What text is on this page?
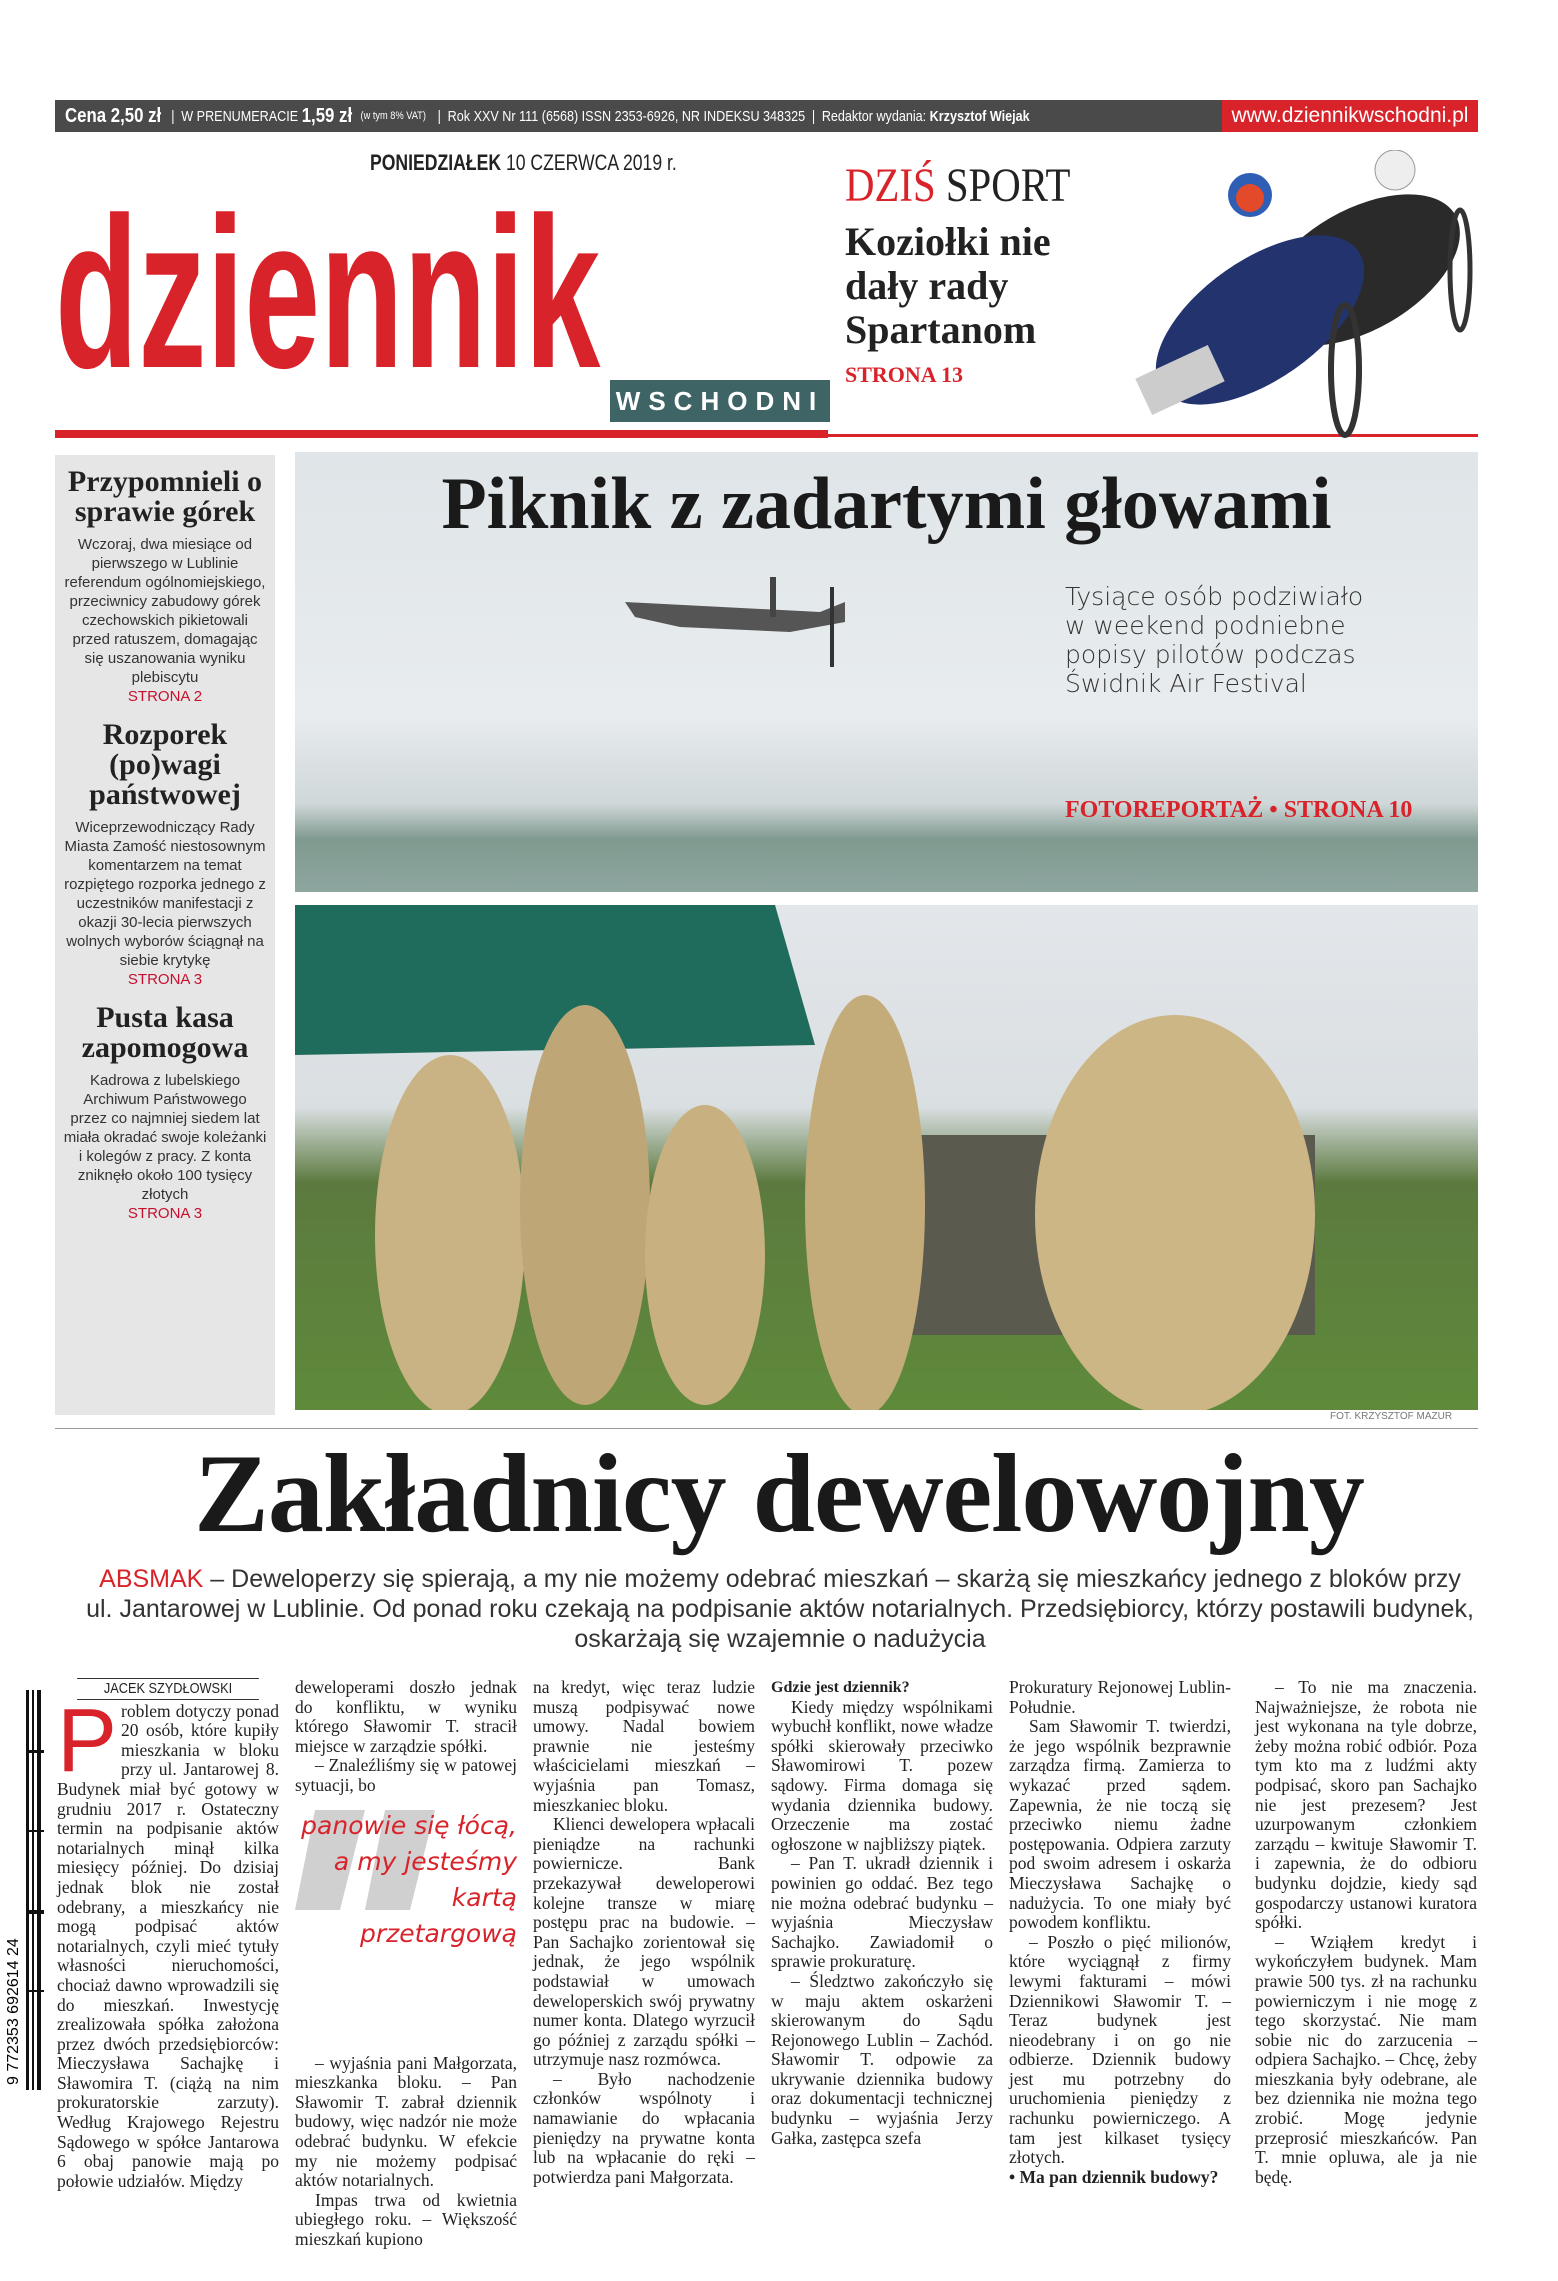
Cena 2,50 zł | W PRENUMERACIE
1,59 zł (w tym 8% VAT) | Rok XXV Nr 111 (6568) ISSN 2353-6926, NR INDEKSU 348325 | Redaktor wydania:
Krzysztof Wiejak	www.dziennikwschodni.pl
PONIEDZIAŁEK 10 CZERWCA 2019 r.
dziennik WSCHODNI
DZIŚ SPORT
Koziołki nie dały rady Spartanom
STRONA 13
Przypomnieli o sprawie górek

Wczoraj, dwa miesiące od pierwszego w Lublinie referendum ogólnomiejskiego, przeciwnicy zabudowy górek czechowskich pikietowali przed ratuszem, domagając się uszanowania wyniku plebiscytu

STRONA 2
Rozporek (po)wagi państwowej

Wiceprzewodniczący Rady Miasta Zamość niestosownym komentarzem na temat rozpiętego rozporka jednego z uczestników manifestacji z okazji 30-lecia pierwszych wolnych wyborów ściągnął na siebie krytykę

STRONA 3
Pusta kasa zapomogowa

Kadrowa z lubelskiego Archiwum Państwowego przez co najmniej siedem lat miała okradać swoje koleżanki i kolegów z pracy. Z konta zniknęło około 100 tysięcy złotych

STRONA 3
Piknik z zadartymi głowami
Tysiące osób podziwiało w weekend podniebne popisy pilotów podczas Świdnik Air Festival
FOTOREPORTAŻ • STRONA 10
FOT. KRZYSZTOF MAZUR
Zakładnicy dewelowojny
ABSMAK – Deweloperzy się spierają, a my nie możemy odebrać mieszkań – skarżą się mieszkańcy jednego z bloków przy ul. Jantarowej w Lublinie. Od ponad roku czekają na podpisanie aktów notarialnych. Przedsiębiorcy, którzy postawili budynek, oskarżają się wzajemnie o nadużycia
9 772353 692614 24
JACEK SZYDŁOWSKI
P roblem dotyczy ponad 20 osób, które kupiły mieszkania w bloku przy ul. Jantarowej 8. Budynek miał być gotowy w grudniu 2017 r. Ostateczny termin na podpisanie aktów notarialnych minął kilka miesięcy później. Do dzisiaj jednak blok nie został odebrany, a mieszkańcy nie mogą podpisać aktów notarialnych, czyli mieć tytuły własności nieruchomości, chociaż dawno wprowadzili się do mieszkań. Inwestycję zrealizowała spółka założona przez dwóch przedsiębiorców: Mieczysława Sachajkę i Sławomira T. (ciążą na nim prokuratorskie zarzuty). Według Krajowego Rejestru Sądowego w spółce Jantarowa 6 obaj panowie mają po połowie udziałów. Między

deweloperami doszło jednak do konfliktu, w wyniku którego Sławomir T. stracił miejsce w zarządzie spółki.

– Znaleźliśmy się w patowej sytuacji, bo

panowie się łócą, a my jesteśmy kartą przetargową

– wyjaśnia pani Małgorzata, mieszkanka bloku. – Pan Sławomir T. zabrał dziennik budowy, więc nadzór nie może odebrać budynku. W efekcie my nie możemy podpisać aktów notarialnych.

Impas trwa od kwietnia ubiegłego roku. – Większość mieszkań kupiono

na kredyt, więc teraz ludzie muszą podpisywać nowe umowy. Nadal bowiem prawnie nie jesteśmy właścicielami mieszkań – wyjaśnia pan Tomasz, mieszkaniec bloku.

Klienci dewelopera wpłacali pieniądze na rachunki powiernicze. Bank przekazywał deweloperowi kolejne transze w miarę postępu prac na budowie. – Pan Sachajko zorientował się jednak, że jego wspólnik podstawiał w umowach deweloperskich swój prywatny numer konta. Dlatego wyrzucił go później z zarządu spółki – utrzymuje nasz rozmówca.

– Było nachodzenie członków wspólnoty i namawianie do wpłacania pieniędzy na prywatne konta lub na wpłacanie do ręki – potwierdza pani Małgorzata.

Gdzie jest dziennik?

Kiedy między wspólnikami wybuchł konflikt, nowe władze spółki skierowały przeciwko Sławomirowi T. pozew sądowy. Firma domaga się wydania dziennika budowy. Orzeczenie ma zostać ogłoszone w najbliższy piątek.

– Pan T. ukradł dziennik i powinien go oddać. Bez tego nie można odebrać budynku – wyjaśnia Mieczysław Sachajko. Zawiadomił o sprawie prokuraturę.

– Śledztwo zakończyło się w maju aktem oskarżeni skierowanym do Sądu Rejonowego Lublin – Zachód. Sławomir T. odpowie za ukrywanie dziennika budowy oraz dokumentacji technicznej budynku – wyjaśnia Jerzy Gałka, zastępca szefa

Prokuratury Rejonowej Lublin-Południe.

Sam Sławomir T. twierdzi, że jego wspólnik bezprawnie zarządza firmą. Zamierza to wykazać przed sądem. Zapewnia, że nie toczą się przeciwko niemu żadne postępowania. Odpiera zarzuty pod swoim adresem i oskarża Mieczysława Sachajkę o nadużycia. To one miały być powodem konfliktu.

– Poszło o pięć milionów, które wyciągnął z firmy lewymi fakturami – mówi Dziennikowi Sławomir T. – Teraz budynek jest nieodebrany i on go nie odbierze. Dziennik budowy jest mu potrzebny do uruchomienia pieniędzy z rachunku powierniczego. A tam jest kilkaset tysięcy złotych.

• Ma pan dziennik budowy?

– To nie ma znaczenia. Najważniejsze, że robota nie jest wykonana na tyle dobrze, żeby można robić odbiór. Poza tym kto ma z ludźmi akty podpisać, skoro pan Sachajko nie jest prezesem? Jest uzurpowanym członkiem zarządu – kwituje Sławomir T. i zapewnia, że do odbioru budynku dojdzie, kiedy sąd gospodarczy ustanowi kuratora spółki.

– Wziąłem kredyt i wykończyłem budynek. Mam prawie 500 tys. zł na rachunku powierniczym i nie mogę z tego skorzystać. Nie mam sobie nic do zarzucenia – odpiera Sachajko. – Chcę, żeby mieszkania były odebrane, ale bez dziennika nie można tego zrobić. Mogę jedynie przeprosić mieszkańców. Pan T. mnie opluwa, ale ja nie będę.
